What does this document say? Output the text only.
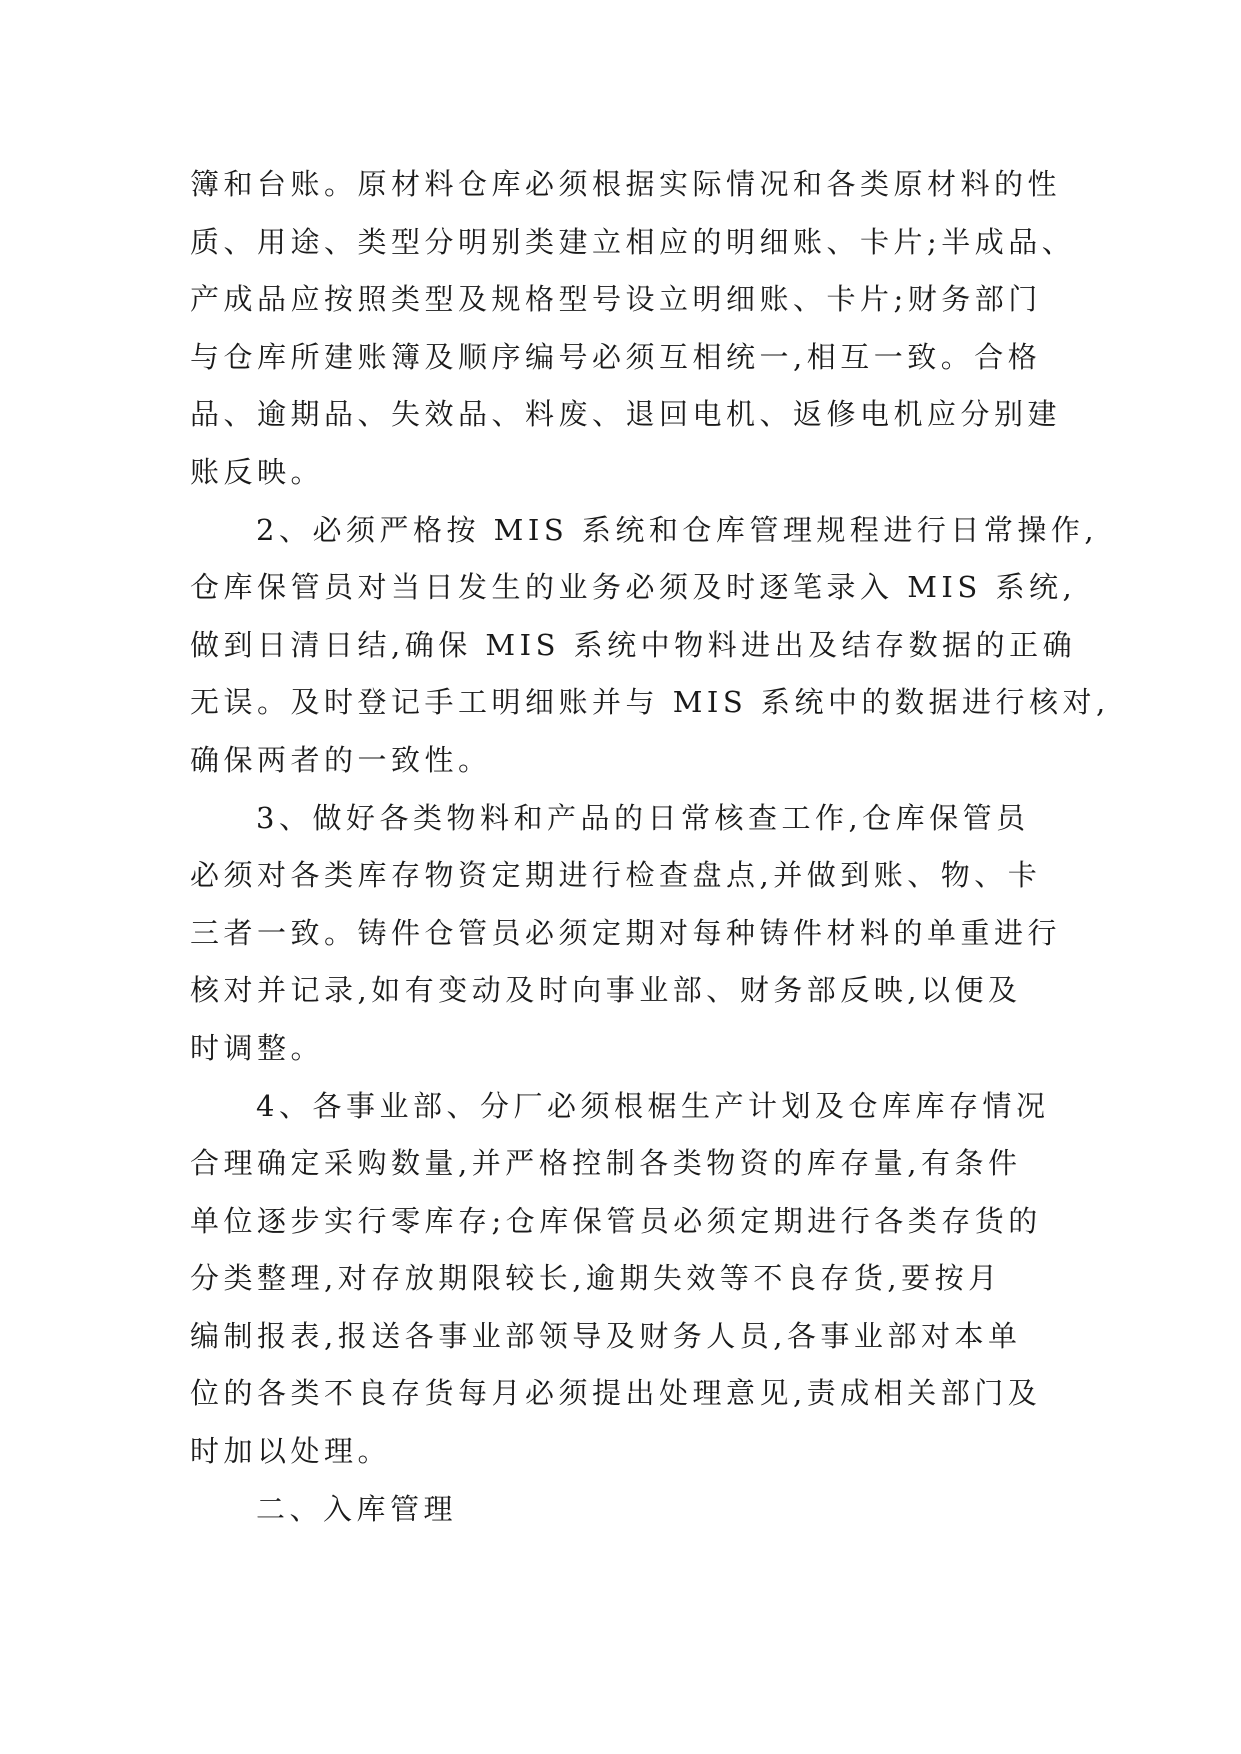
簿和台账。原材料仓库必须根据实际情况和各类原材料的性
质、用途、类型分明别类建立相应的明细账、卡片;半成品、
产成品应按照类型及规格型号设立明细账、卡片;财务部门
与仓库所建账簿及顺序编号必须互相统一,相互一致。合格
品、逾期品、失效品、料废、退回电机、返修电机应分别建
账反映。
2、必须严格按 MIS 系统和仓库管理规程进行日常操作,
仓库保管员对当日发生的业务必须及时逐笔录入 MIS 系统,
做到日清日结,确保 MIS 系统中物料进出及结存数据的正确
无误。及时登记手工明细账并与 MIS 系统中的数据进行核对,
确保两者的一致性。
3、做好各类物料和产品的日常核查工作,仓库保管员
必须对各类库存物资定期进行检查盘点,并做到账、物、卡
三者一致。铸件仓管员必须定期对每种铸件材料的单重进行
核对并记录,如有变动及时向事业部、财务部反映,以便及
时调整。
4、各事业部、分厂必须根椐生产计划及仓库库存情况
合理确定采购数量,并严格控制各类物资的库存量,有条件
单位逐步实行零库存;仓库保管员必须定期进行各类存货的
分类整理,对存放期限较长,逾期失效等不良存货,要按月
编制报表,报送各事业部领导及财务人员,各事业部对本单
位的各类不良存货每月必须提出处理意见,责成相关部门及
时加以处理。
二、入库管理
